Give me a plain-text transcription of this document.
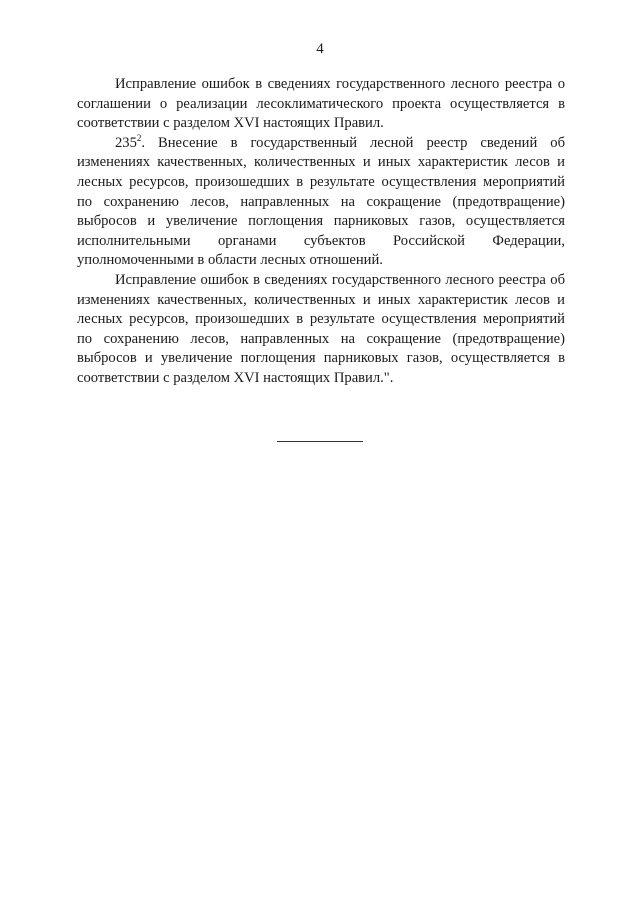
4

Исправление ошибок в сведениях государственного лесного реестра о соглашении о реализации лесоклиматического проекта осуществляется в соответствии с разделом XVI настоящих Правил.

$235^2$. Внесение в государственный лесной реестр сведений об изменениях качественных, количественных и иных характеристик лесов и лесных ресурсов, произошедших в результате осуществления мероприятий по сохранению лесов, направленных на сокращение (предотвращение) выбросов и увеличение поглощения парниковых газов, осуществляется исполнительными органами субъектов Российской Федерации, уполномоченными в области лесных отношений.

Исправление ошибок в сведениях государственного лесного реестра об изменениях качественных, количественных и иных характеристик лесов и лесных ресурсов, произошедших в результате осуществления мероприятий по сохранению лесов, направленных на сокращение (предотвращение) выбросов и увеличение поглощения парниковых газов, осуществляется в соответствии с разделом XVI настоящих Правил.".
